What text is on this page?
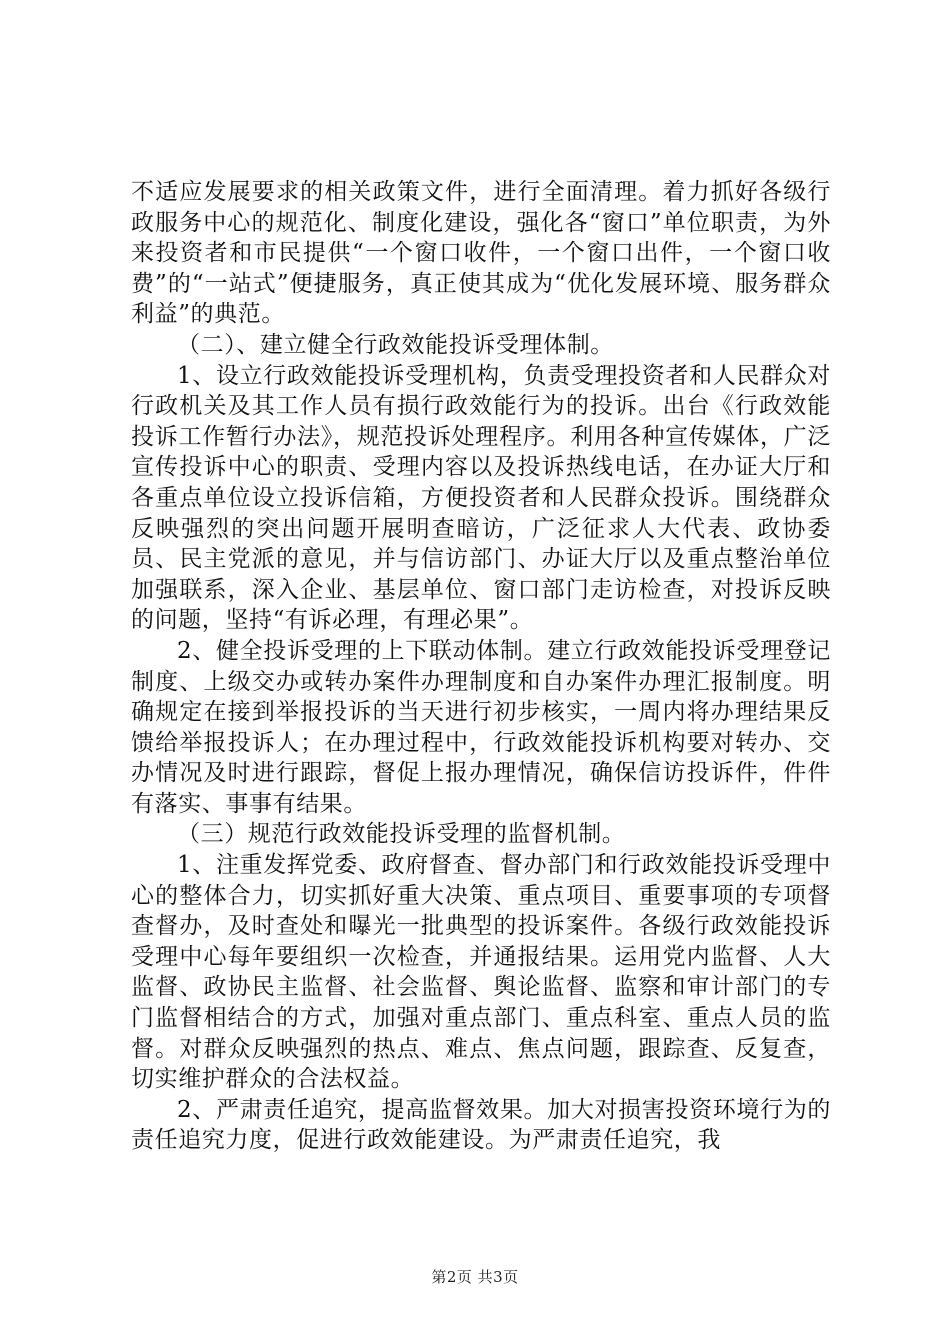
不适应发展要求的相关政策文件，进行全面清理。着力抓好各级行政服务中心的规范化、制度化建设，强化各“窗口”单位职责，为外来投资者和市民提供“一个窗口收件，一个窗口出件，一个窗口收费”的“一站式”便捷服务，真正使其成为“优化发展环境、服务群众利益”的典范。

（二）、建立健全行政效能投诉受理体制。

1、设立行政效能投诉受理机构，负责受理投资者和人民群众对行政机关及其工作人员有损行政效能行为的投诉。出台《行政效能投诉工作暂行办法》，规范投诉处理程序。利用各种宣传媒体，广泛宣传投诉中心的职责、受理内容以及投诉热线电话，在办证大厅和各重点单位设立投诉信箱，方便投资者和人民群众投诉。围绕群众反映强烈的突出问题开展明查暗访，广泛征求人大代表、政协委员、民主党派的意见，并与信访部门、办证大厅以及重点整治单位加强联系，深入企业、基层单位、窗口部门走访检查，对投诉反映的问题，坚持“有诉必理，有理必果”。

2、健全投诉受理的上下联动体制。建立行政效能投诉受理登记制度、上级交办或转办案件办理制度和自办案件办理汇报制度。明确规定在接到举报投诉的当天进行初步核实，一周内将办理结果反馈给举报投诉人；在办理过程中，行政效能投诉机构要对转办、交办情况及时进行跟踪，督促上报办理情况，确保信访投诉件，件件有落实、事事有结果。

（三）规范行政效能投诉受理的监督机制。

1、注重发挥党委、政府督查、督办部门和行政效能投诉受理中心的整体合力，切实抓好重大决策、重点项目、重要事项的专项督查督办，及时查处和曝光一批典型的投诉案件。各级行政效能投诉受理中心每年要组织一次检查，并通报结果。运用党内监督、人大监督、政协民主监督、社会监督、舆论监督、监察和审计部门的专门监督相结合的方式，加强对重点部门、重点科室、重点人员的监督。对群众反映强烈的热点、难点、焦点问题，跟踪查、反复查，切实维护群众的合法权益。

2、严肃责任追究，提高监督效果。加大对损害投资环境行为的责任追究力度，促进行政效能建设。为严肃责任追究，我

第2页 共3页
